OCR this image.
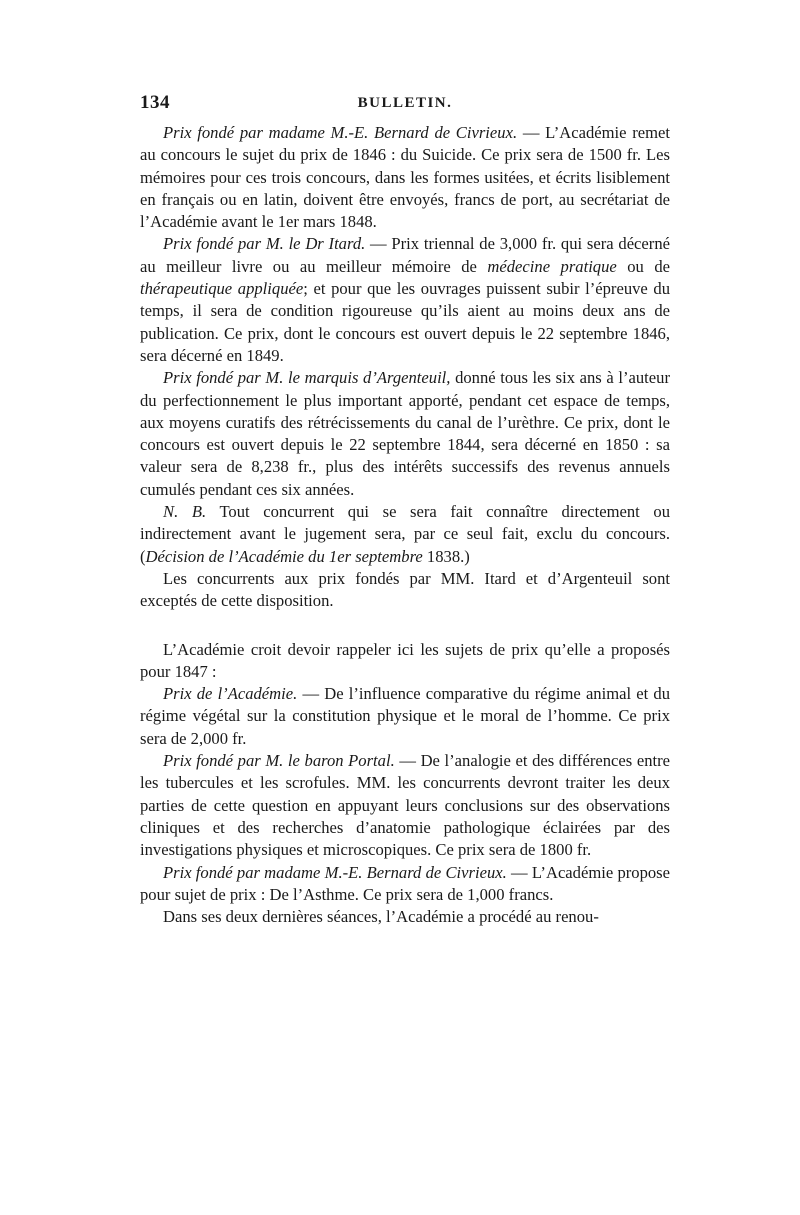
134	BULLETIN.

Prix fondé par madame M.-E. Bernard de Civrieux. — L’Académie remet au concours le sujet du prix de 1846 : du Suicide. Ce prix sera de 1500 fr. Les mémoires pour ces trois concours, dans les formes usitées, et écrits lisiblement en français ou en latin, doivent être envoyés, francs de port, au secrétariat de l’Académie avant le 1er mars 1848.

Prix fondé par M. le Dr Itard. — Prix triennal de 3,000 fr. qui sera décerné au meilleur livre ou au meilleur mémoire de médecine pratique ou de thérapeutique appliquée; et pour que les ouvrages puissent subir l’épreuve du temps, il sera de condition rigoureuse qu’ils aient au moins deux ans de publication. Ce prix, dont le concours est ouvert depuis le 22 septembre 1846, sera décerné en 1849.

Prix fondé par M. le marquis d’Argenteuil, donné tous les six ans à l’auteur du perfectionnement le plus important apporté, pendant cet espace de temps, aux moyens curatifs des rétrécissements du canal de l’urèthre. Ce prix, dont le concours est ouvert depuis le 22 septembre 1844, sera décerné en 1850 : sa valeur sera de 8,238 fr., plus des intérêts successifs des revenus annuels cumulés pendant ces six années.

N. B. Tout concurrent qui se sera fait connaître directement ou indirectement avant le jugement sera, par ce seul fait, exclu du concours. (Décision de l’Académie du 1er septembre 1838.)

Les concurrents aux prix fondés par MM. Itard et d’Argenteuil sont exceptés de cette disposition.

L’Académie croit devoir rappeler ici les sujets de prix qu’elle a proposés pour 1847 :

Prix de l’Académie. — De l’influence comparative du régime animal et du régime végétal sur la constitution physique et le moral de l’homme. Ce prix sera de 2,000 fr.

Prix fondé par M. le baron Portal. — De l’analogie et des différences entre les tubercules et les scrofules. MM. les concurrents devront traiter les deux parties de cette question en appuyant leurs conclusions sur des observations cliniques et des recherches d’anatomie pathologique éclairées par des investigations physiques et microscopiques. Ce prix sera de 1800 fr.

Prix fondé par madame M.-E. Bernard de Civrieux. — L’Académie propose pour sujet de prix : De l’Asthme. Ce prix sera de 1,000 francs.

Dans ses deux dernières séances, l’Académie a procédé au renou-
